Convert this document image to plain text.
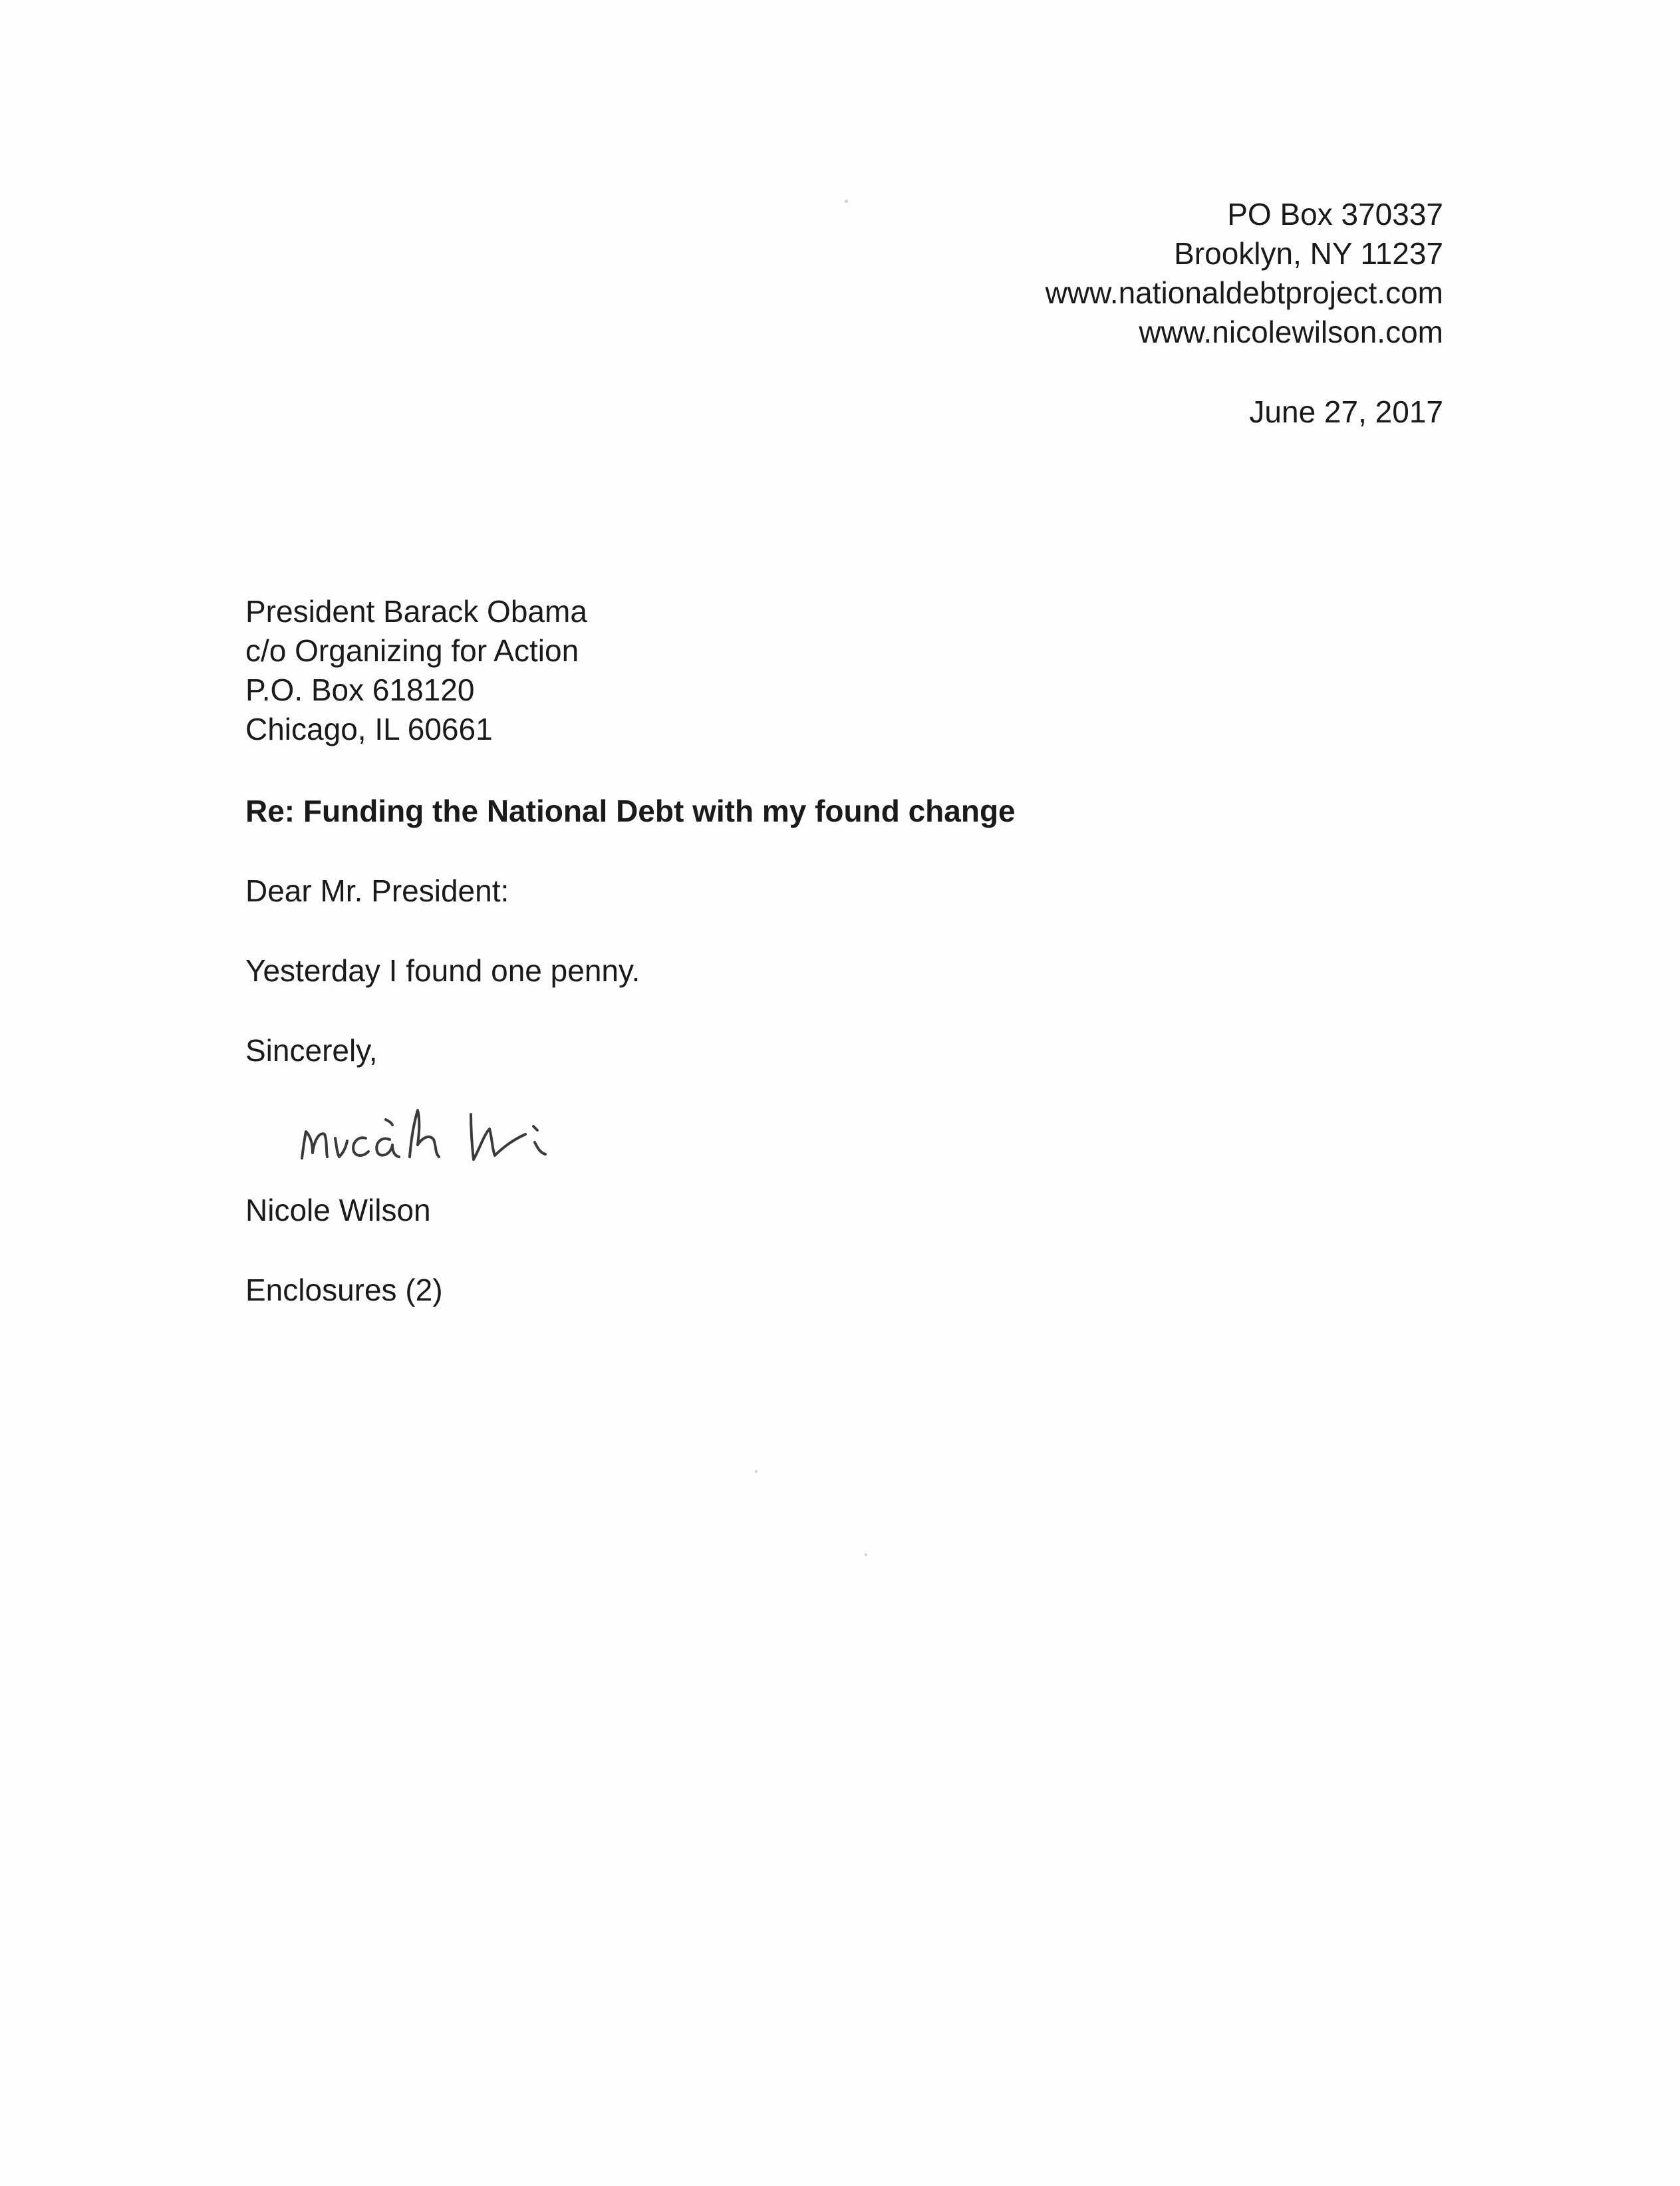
PO Box 370337
Brooklyn, NY 11237
www.nationaldebtproject.com
www.nicolewilson.com
June 27, 2017
President Barack Obama
c/o Organizing for Action
P.O. Box 618120
Chicago, IL 60661
Re: Funding the National Debt with my found change
Dear Mr. President:
Yesterday I found one penny.
Sincerely,
Nicole Wilson
Enclosures (2)
